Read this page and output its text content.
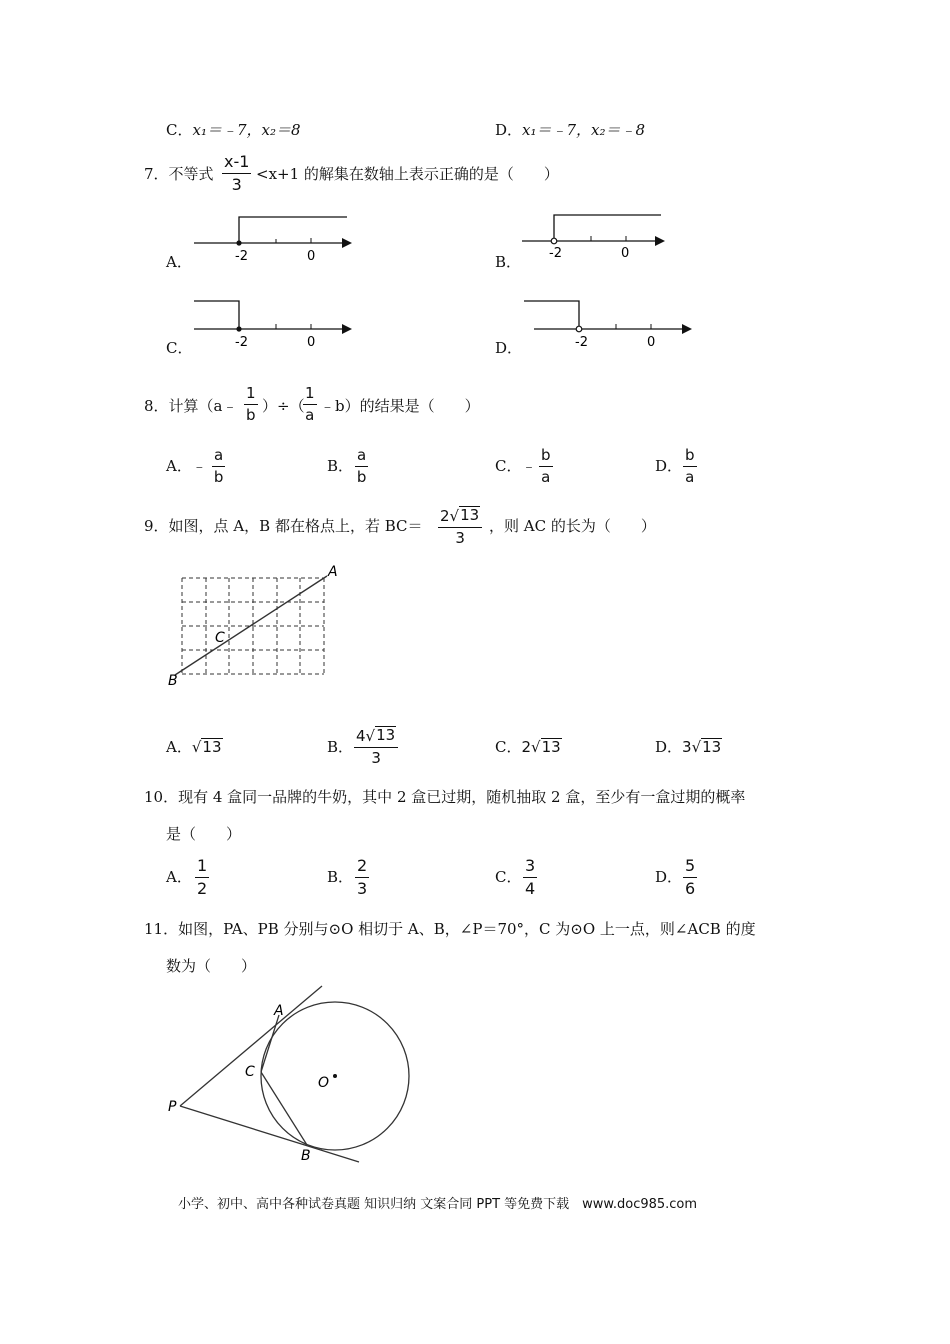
C．x₁＝﹣7，x₂＝8	D．x₁＝﹣7，x₂＝﹣8
7．不等式 $\frac{x-1}{3} <x+1$ 的解集在数轴上表示正确的是（　　）
A．	-2	0	B． -2	0
C．	-2	0	D．	-2	0
8．计算（a﹣ $\frac{1}{b}$ ）÷（
$\frac{1}{a}$ ﹣b）的结果是（　　）
A．﹣ $\frac{a}{b}$	B． $\frac{a}{b}$	C．﹣ $\frac{b}{a}$	D． $\frac{b}{a}$
9．如图，点 A，B 都在格点上，若 $BC= \frac{2√ 13}{3}$ ，则 AC 的长为（　　）
A
B
C
A．√ 13	B． $\frac{4√ 13}{3}$	C．2√ 13	D．3√ 13
10．现有 4 盒同一品牌的牛奶，其中 2 盒已过期，随机抽取 2 盒，至少有一盒过期的概率
是（　　）
A． $\frac{1}{2}$	B． $\frac{2}{3}$	C． $\frac{3}{4}$	D． $\frac{5}{6}$
11．如图，PA、PB 分别与⊙O 相切于 A、B，∠P＝70°，C 为⊙O 上一点，则∠ACB 的度
数为（　　）
A
C
O
P
B
小学、初中、高中各种试卷真题 知识归纳 文案合同 PPT 等免费下载　www.doc985.com
